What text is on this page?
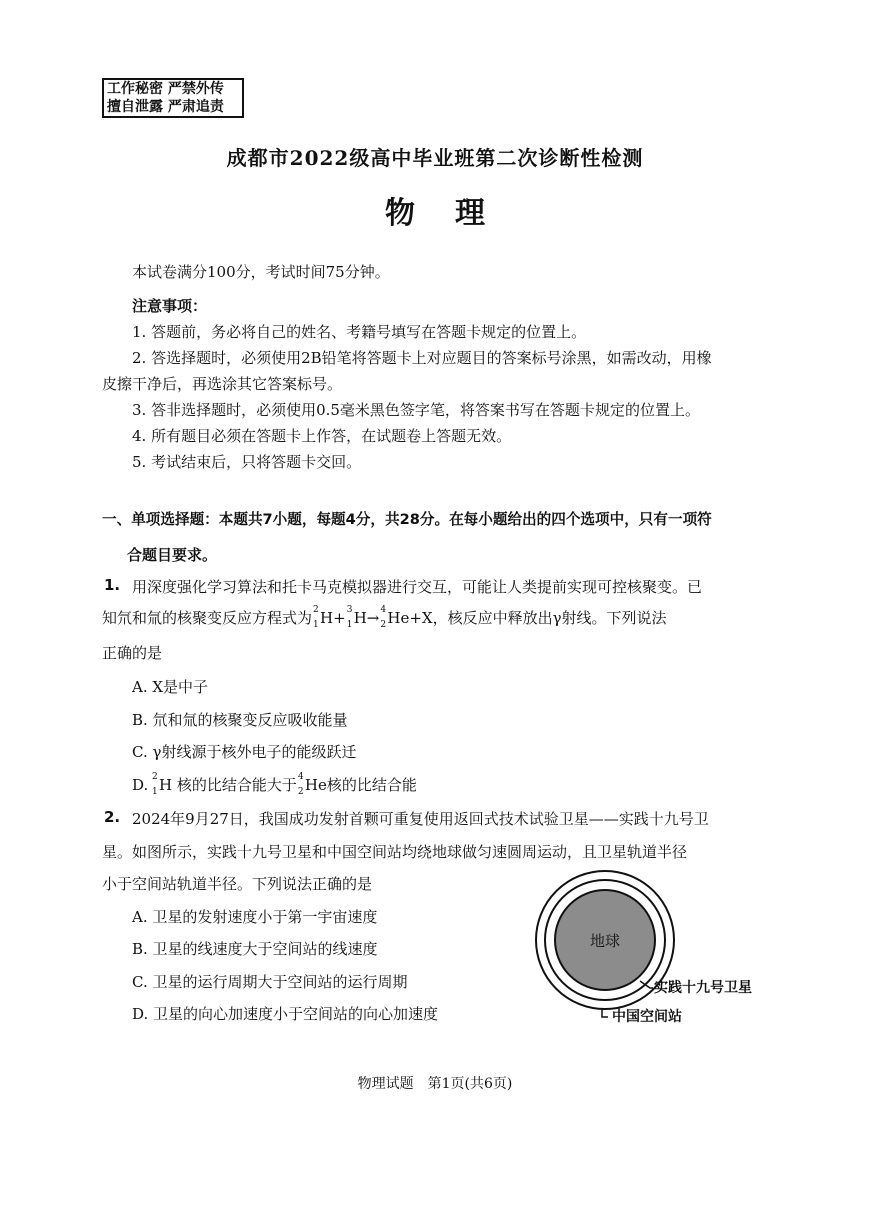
工作秘密 严禁外传
擅自泄露 严肃追责
成都市2022级高中毕业班第二次诊断性检测
物理
本试卷满分100分，考试时间75分钟。
注意事项：
1. 答题前，务必将自己的姓名、考籍号填写在答题卡规定的位置上。
2. 答选择题时，必须使用2B铅笔将答题卡上对应题目的答案标号涂黑，如需改动，用橡
皮擦干净后，再选涂其它答案标号。
3. 答非选择题时，必须使用0.5毫米黑色签字笔，将答案书写在答题卡规定的位置上。
4. 所有题目必须在答题卡上作答，在试题卷上答题无效。
5. 考试结束后，只将答题卡交回。
一、单项选择题：本题共7小题，每题4分，共28分。在每小题给出的四个选项中，只有一项符
合题目要求。
1. 用深度强化学习算法和托卡马克模拟器进行交互，可能让人类提前实现可控核聚变。已
知氘和氚的核聚变反应方程式为 2
1 H+ 3
1 H→ 4
2 He+X，核反应中释放出γ射线。下列说法
正确的是
A. X是中子
B. 氘和氚的核聚变反应吸收能量
C. γ射线源于核外电子的能级跃迁
D. 2
1 H 核的比结合能大于 4
2 He核的比结合能
2. 2024年9月27日，我国成功发射首颗可重复使用返回式技术试验卫星——实践十九号卫
星。如图所示，实践十九号卫星和中国空间站均绕地球做匀速圆周运动，且卫星轨道半径
小于空间站轨道半径。下列说法正确的是
A. 卫星的发射速度小于第一宇宙速度
B. 卫星的线速度大于空间站的线速度
C. 卫星的运行周期大于空间站的运行周期
D. 卫星的向心加速度小于空间站的向心加速度
地球
实践十九号卫星
中国空间站
物理试题　第1页(共6页)
